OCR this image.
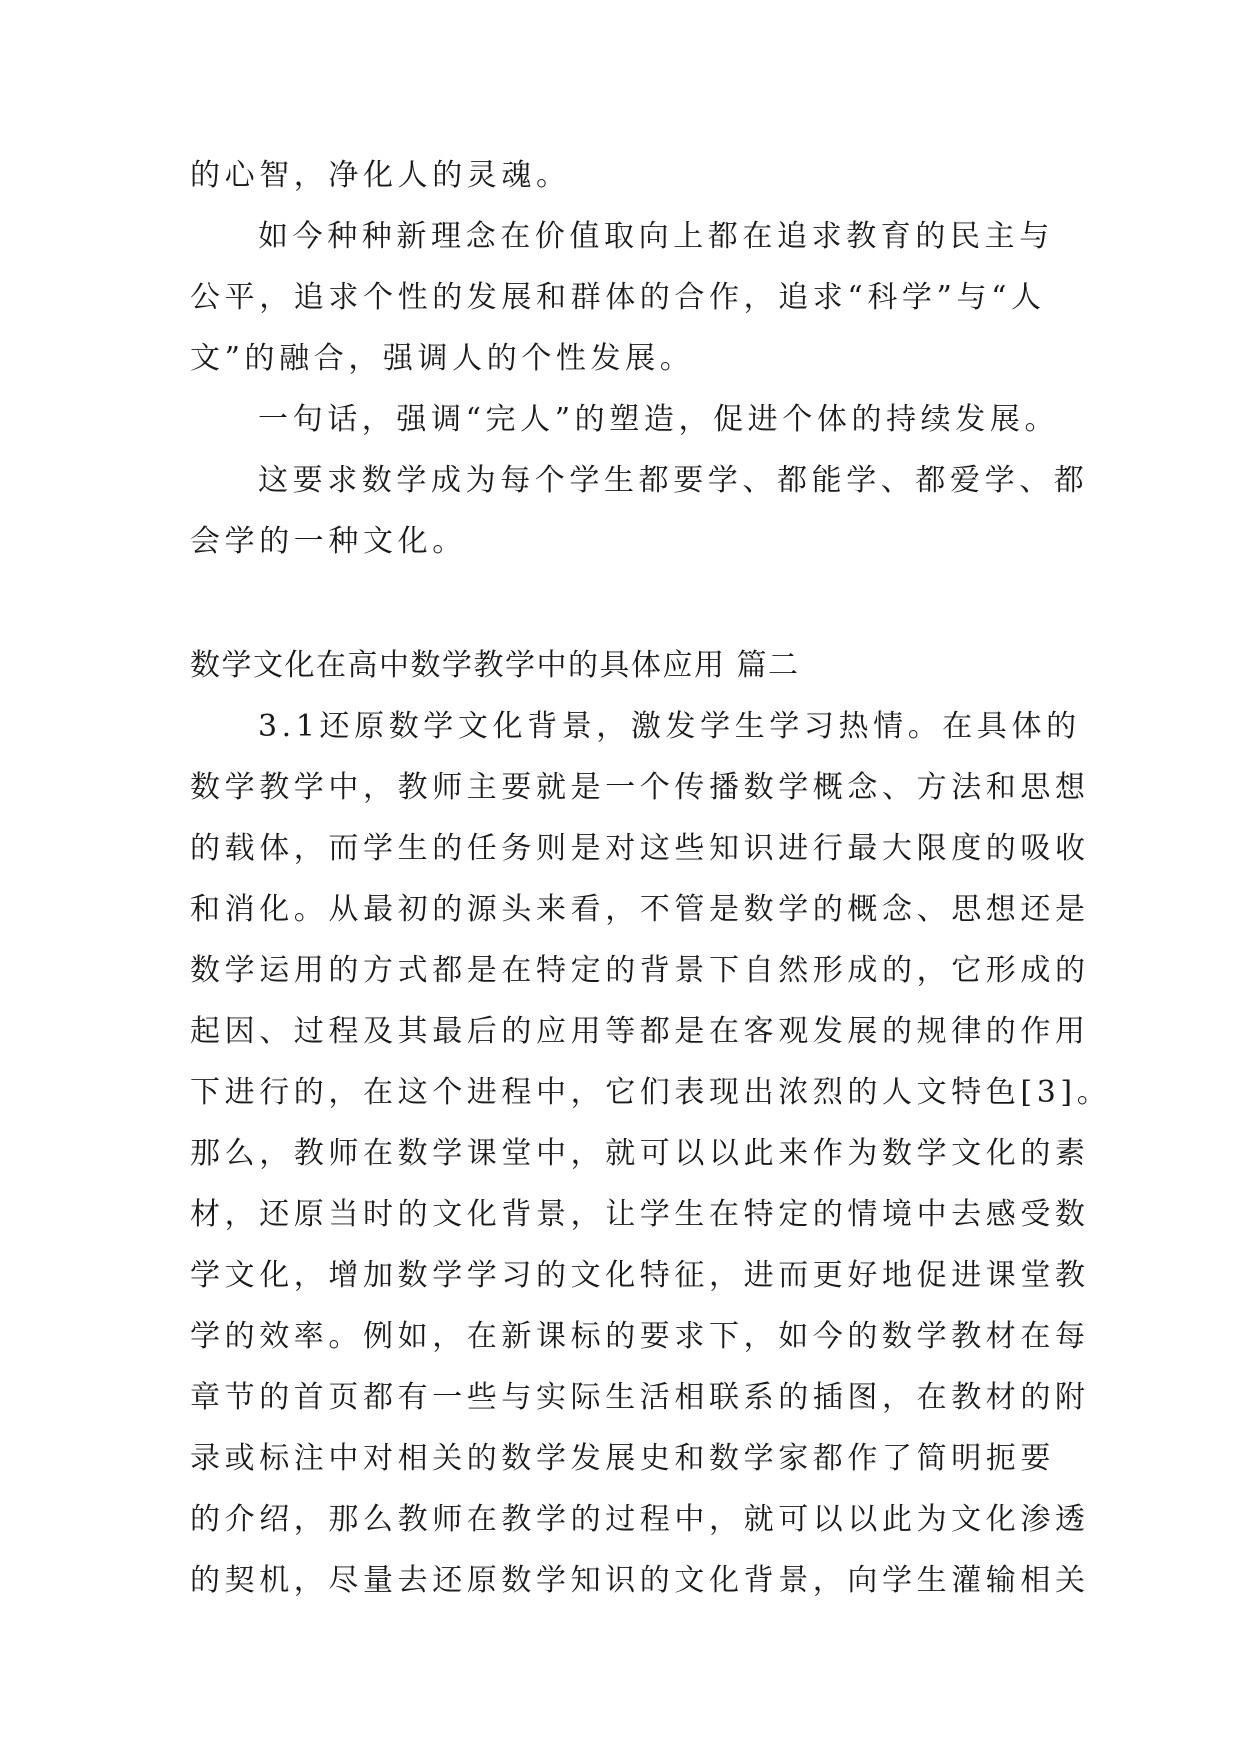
的心智，净化人的灵魂。
如今种种新理念在价值取向上都在追求教育的民主与
公平，追求个性的发展和群体的合作，追求“科学”与“人
文”的融合，强调人的个性发展。
一句话，强调“完人”的塑造，促进个体的持续发展。
这要求数学成为每个学生都要学、都能学、都爱学、都
会学的一种文化。
数学文化在高中数学教学中的具体应用 篇二
3.1还原数学文化背景，激发学生学习热情。在具体的
数学教学中，教师主要就是一个传播数学概念、方法和思想
的载体，而学生的任务则是对这些知识进行最大限度的吸收
和消化。从最初的源头来看，不管是数学的概念、思想还是
数学运用的方式都是在特定的背景下自然形成的，它形成的
起因、过程及其最后的应用等都是在客观发展的规律的作用
下进行的，在这个进程中，它们表现出浓烈的人文特色[3]。
那么，教师在数学课堂中，就可以以此来作为数学文化的素
材，还原当时的文化背景，让学生在特定的情境中去感受数
学文化，增加数学学习的文化特征，进而更好地促进课堂教
学的效率。例如，在新课标的要求下，如今的数学教材在每
章节的首页都有一些与实际生活相联系的插图，在教材的附
录或标注中对相关的数学发展史和数学家都作了简明扼要
的介绍，那么教师在教学的过程中，就可以以此为文化渗透
的契机，尽量去还原数学知识的文化背景，向学生灌输相关
